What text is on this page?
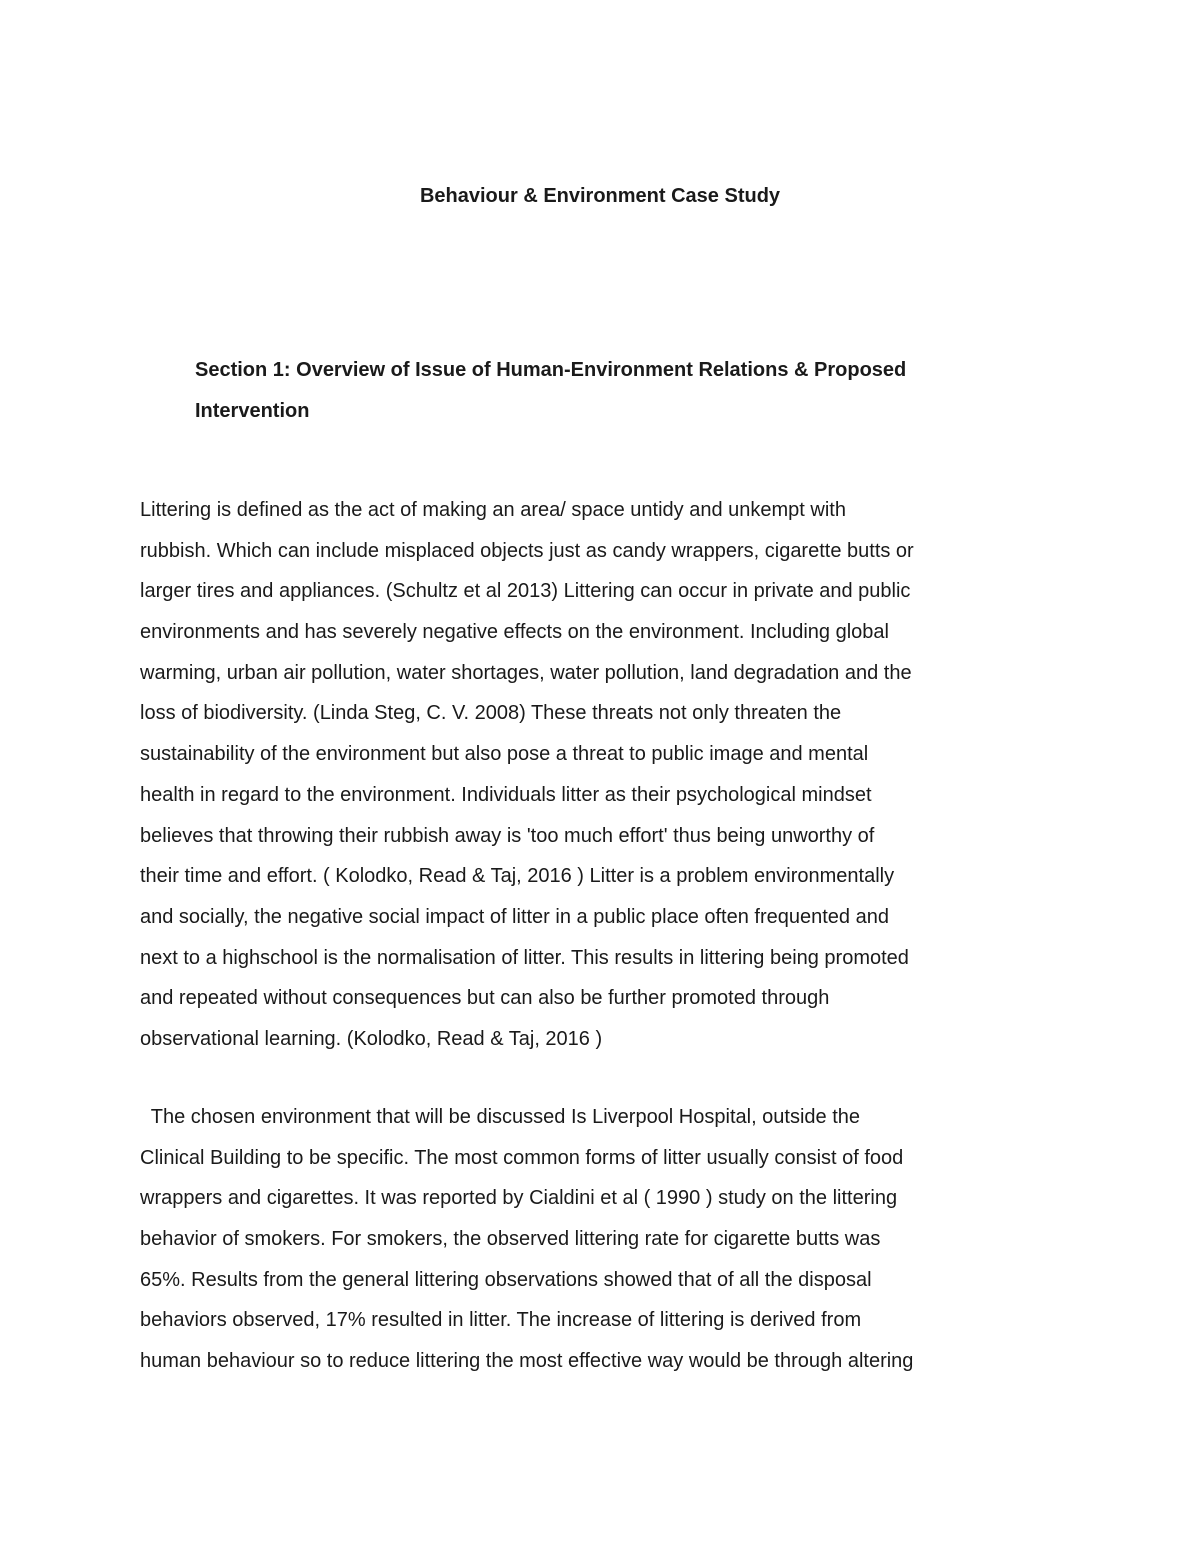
Behaviour & Environment Case Study
Section 1: Overview of Issue of Human-Environment Relations & Proposed
Intervention

Littering is defined as the act of making an area/ space untidy and unkempt with
rubbish. Which can include misplaced objects just as candy wrappers, cigarette butts or
larger tires and appliances. (Schultz et al 2013) Littering can occur in private and public
environments and has severely negative effects on the environment. Including global
warming, urban air pollution, water shortages, water pollution, land degradation and the
loss of biodiversity. (Linda Steg, C. V. 2008) These threats not only threaten the
sustainability of the environment but also pose a threat to public image and mental
health in regard to the environment. Individuals litter as their psychological mindset
believes that throwing their rubbish away is 'too much effort' thus being unworthy of
their time and effort. ( Kolodko, Read & Taj, 2016 ) Litter is a problem environmentally
and socially, the negative social impact of litter in a public place often frequented and
next to a highschool is the normalisation of litter. This results in littering being promoted
and repeated without consequences but can also be further promoted through
observational learning. (Kolodko, Read & Taj, 2016 )

The chosen environment that will be discussed Is Liverpool Hospital, outside the
Clinical Building to be specific. The most common forms of litter usually consist of food
wrappers and cigarettes. It was reported by Cialdini et al ( 1990 ) study on the littering
behavior of smokers. For smokers, the observed littering rate for cigarette butts was
65%. Results from the general littering observations showed that of all the disposal
behaviors observed, 17% resulted in litter. The increase of littering is derived from
human behaviour so to reduce littering the most effective way would be through altering
